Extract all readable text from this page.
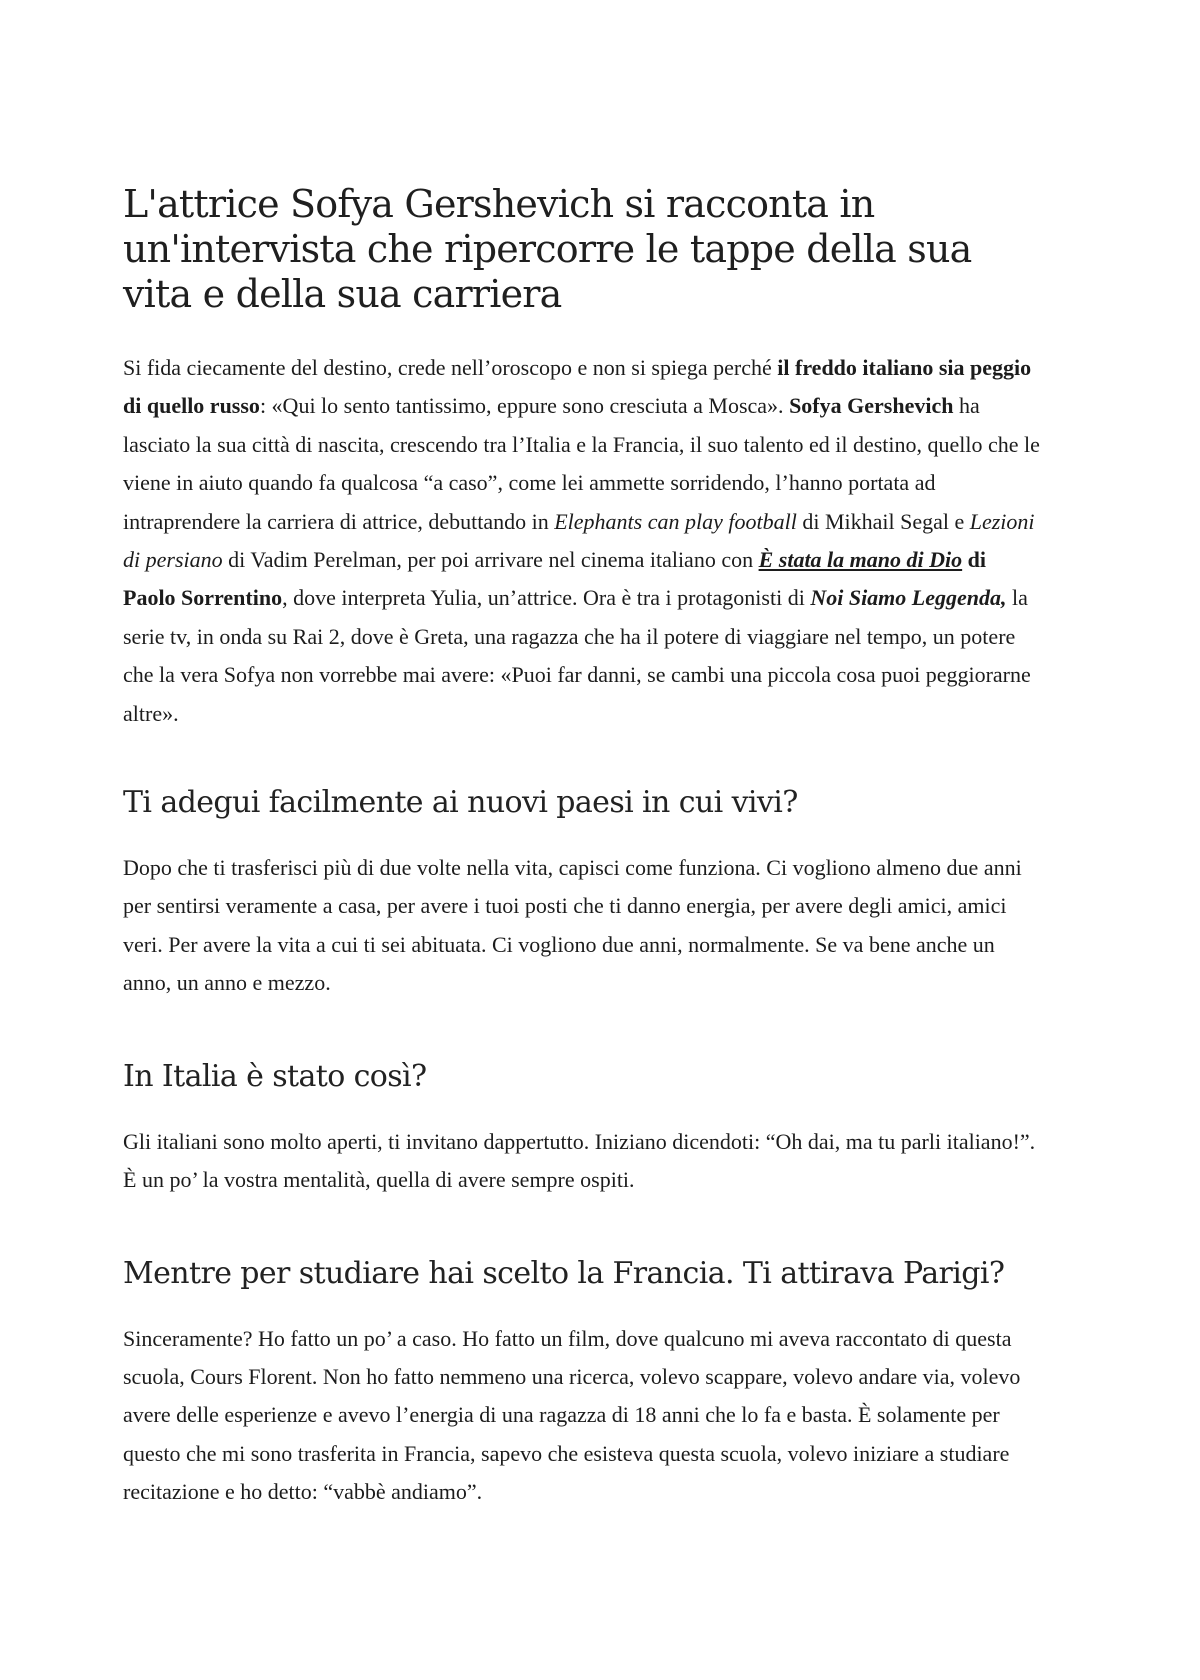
L'attrice Sofya Gershevich si racconta in un'intervista che ripercorre le tappe della sua vita e della sua carriera

Si fida ciecamente del destino, crede nell’oroscopo e non si spiega perché il freddo italiano sia peggio di quello russo: «Qui lo sento tantissimo, eppure sono cresciuta a Mosca». Sofya Gershevich ha lasciato la sua città di nascita, crescendo tra l’Italia e la Francia, il suo talento ed il destino, quello che le viene in aiuto quando fa qualcosa “a caso”, come lei ammette sorridendo, l’hanno portata ad intraprendere la carriera di attrice, debuttando in Elephants can play football di Mikhail Segal e Lezioni di persiano di Vadim Perelman, per poi arrivare nel cinema italiano con È stata la mano di Dio di Paolo Sorrentino, dove interpreta Yulia, un’attrice. Ora è tra i protagonisti di Noi Siamo Leggenda, la serie tv, in onda su Rai 2, dove è Greta, una ragazza che ha il potere di viaggiare nel tempo, un potere che la vera Sofya non vorrebbe mai avere: «Puoi far danni, se cambi una piccola cosa puoi peggiorarne altre».

Ti adegui facilmente ai nuovi paesi in cui vivi?

Dopo che ti trasferisci più di due volte nella vita, capisci come funziona. Ci vogliono almeno due anni per sentirsi veramente a casa, per avere i tuoi posti che ti danno energia, per avere degli amici, amici veri. Per avere la vita a cui ti sei abituata. Ci vogliono due anni, normalmente. Se va bene anche un anno, un anno e mezzo.

In Italia è stato così?

Gli italiani sono molto aperti, ti invitano dappertutto. Iniziano dicendoti: “Oh dai, ma tu parli italiano!”. È un po’ la vostra mentalità, quella di avere sempre ospiti.

Mentre per studiare hai scelto la Francia. Ti attirava Parigi?

Sinceramente? Ho fatto un po’ a caso. Ho fatto un film, dove qualcuno mi aveva raccontato di questa scuola, Cours Florent. Non ho fatto nemmeno una ricerca, volevo scappare, volevo andare via, volevo avere delle esperienze e avevo l’energia di una ragazza di 18 anni che lo fa e basta. È solamente per questo che mi sono trasferita in Francia, sapevo che esisteva questa scuola, volevo iniziare a studiare recitazione e ho detto: “vabbè andiamo”.
